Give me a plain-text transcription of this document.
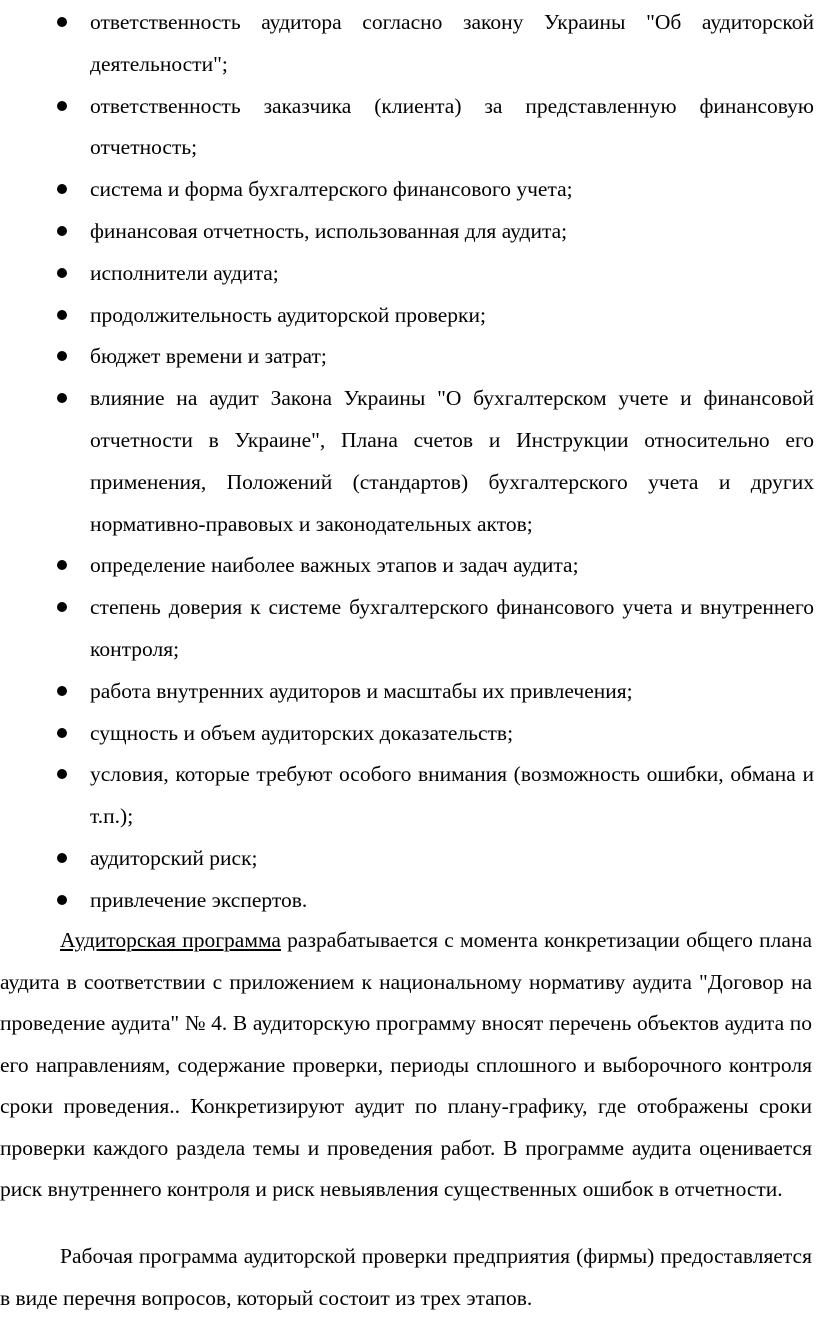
ответственность аудитора согласно закону Украины "Об аудиторской деятельности";
ответственность заказчика (клиента) за представленную финансовую отчетность;
система и форма бухгалтерского финансового учета;
финансовая отчетность, использованная для аудита;
исполнители аудита;
продолжительность аудиторской проверки;
бюджет времени и затрат;
влияние на аудит Закона Украины "О бухгалтерском учете и финансовой отчетности в Украине", Плана счетов и Инструкции относительно его применения, Положений (стандартов) бухгалтерского учета и других нормативно-правовых и законодательных актов;
определение наиболее важных этапов и задач аудита;
степень доверия к системе бухгалтерского финансового учета и внутреннего контроля;
работа внутренних аудиторов и масштабы их привлечения;
сущность и объем аудиторских доказательств;
условия, которые требуют особого внимания (возможность ошибки, обмана и т.п.);
аудиторский риск;
привлечение экспертов.

Аудиторская программа разрабатывается с момента конкретизации общего плана аудита в соответствии с приложением к национальному нормативу аудита "Договор на проведение аудита" № 4. В аудиторскую программу вносят перечень объектов аудита по его направлениям, содержание проверки, периоды сплошного и выборочного контроля сроки проведения.. Конкретизируют аудит по плану-графику, где отображены сроки проверки каждого раздела темы и проведения работ. В программе аудита оценивается риск внутреннего контроля и риск невыявления существенных ошибок в отчетности.

Рабочая программа аудиторской проверки предприятия (фирмы) предоставляется в виде перечня вопросов, который состоит из трех этапов.
